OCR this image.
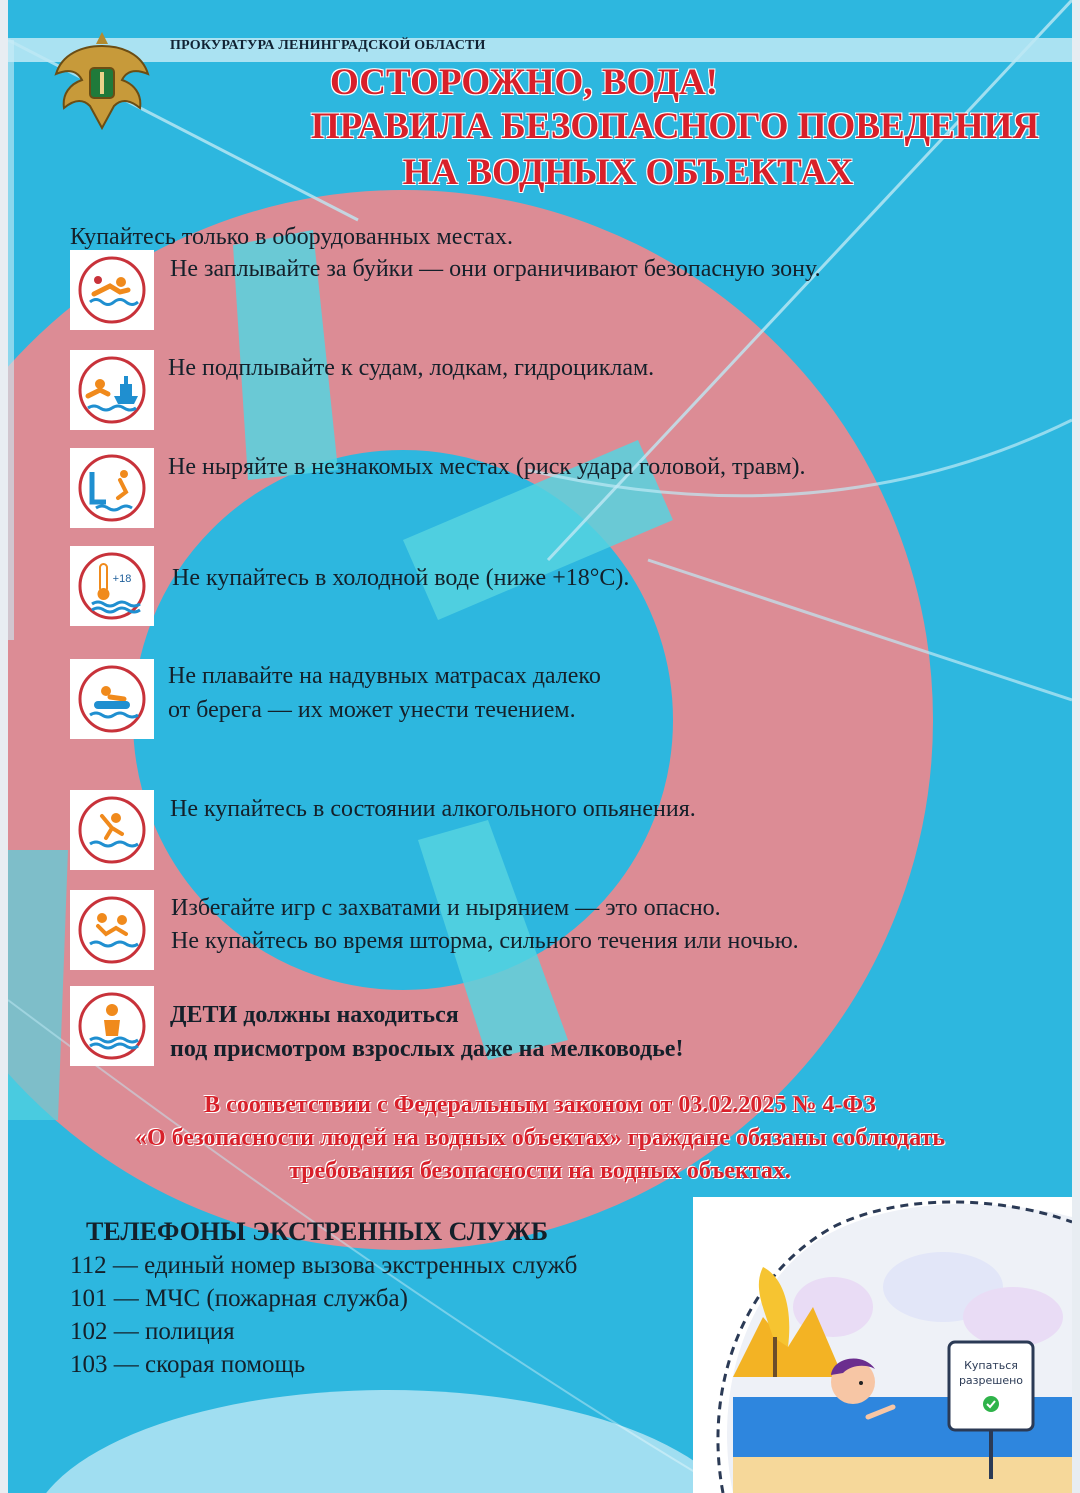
ПРОКУРАТУРА ЛЕНИНГРАДСКОЙ ОБЛАСТИ
ОСТОРОЖНО, ВОДА!
ПРАВИЛА БЕЗОПАСНОГО ПОВЕДЕНИЯ
НА ВОДНЫХ ОБЪЕКТАХ
Купайтесь только в оборудованных местах.
Не заплывайте за буйки — они ограничивают безопасную зону.
Не подплывайте к судам, лодкам, гидроциклам.
Не ныряйте в незнакомых местах (риск удара головой, травм).
+18 Не купайтесь в холодной воде (ниже +18°С).
Не плавайте на надувных матрасах далеко
от берега — их может унести течением.
Не купайтесь в состоянии алкогольного опьянения.
Избегайте игр с захватами и нырянием — это опасно.
Не купайтесь во время шторма, сильного течения или ночью.
ДЕТИ должны находиться
под присмотром взрослых даже на мелководье!
В соответствии с Федеральным законом от 03.02.2025 № 4-ФЗ
«О безопасности людей на водных объектах» граждане обязаны соблюдать
требования безопасности на водных объектах.
ТЕЛЕФОНЫ ЭКСТРЕННЫХ СЛУЖБ
112 — единый номер вызова экстренных служб
101 — МЧС (пожарная служба)
102 — полиция
103 — скорая помощь	Купаться
разрешено
